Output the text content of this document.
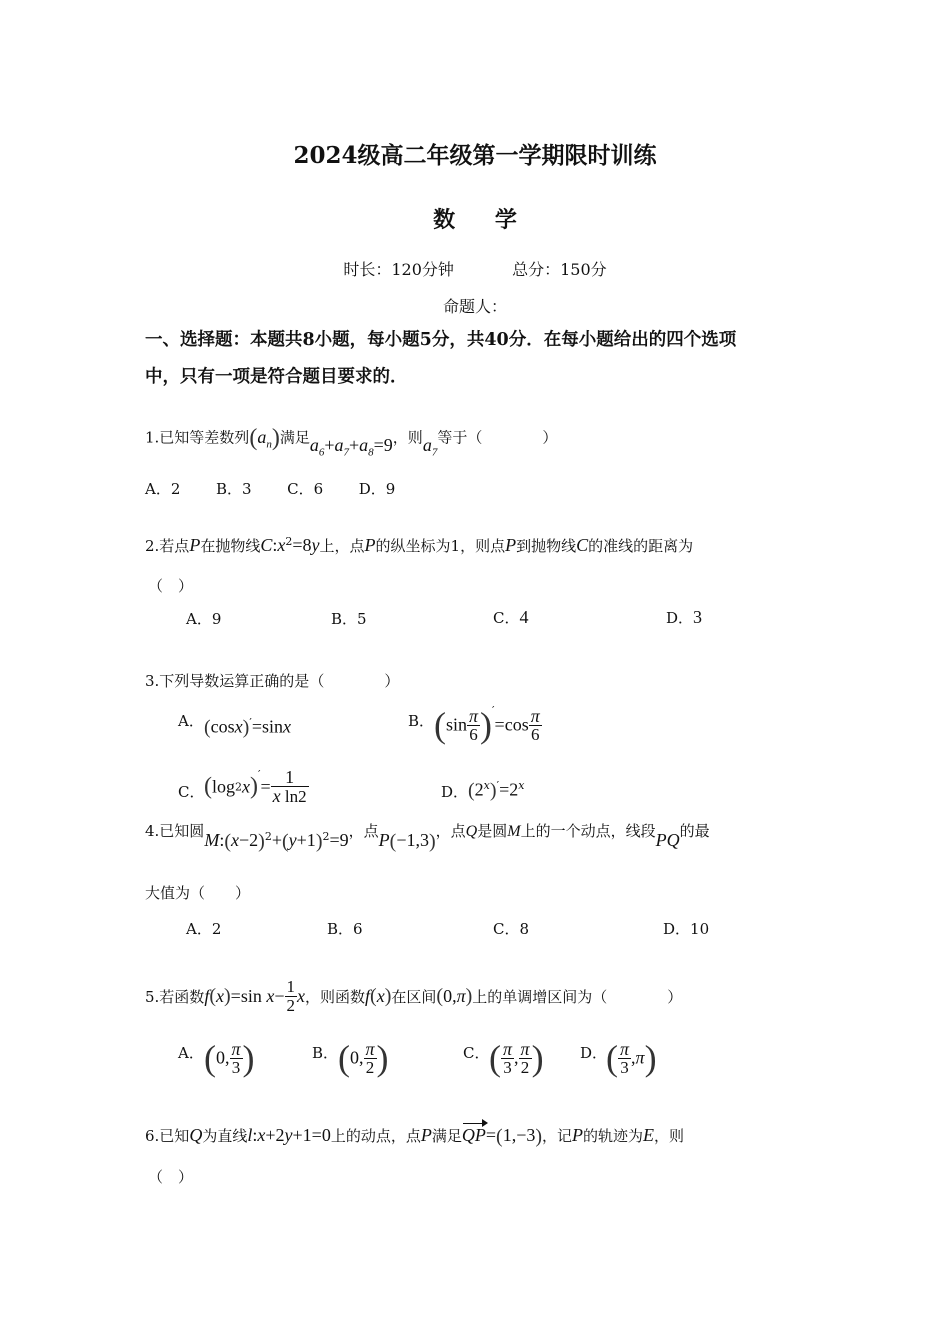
2024级高二年级第一学期限时训练
数 学
时长：120分钟	总分：150分
命题人：
一、选择题：本题共8小题，每小题5分，共40分．在每小题给出的四个选项
中，只有一项是符合题目要求的．
1.已知等差数列$(a_n)$满足$a_6+a_7+a_8=9$，则$a_7$等于（　　　　）
A．2 B．3 C．6 D．9
2.若点P在抛物线$C:x^2=8y$上，点P的纵坐标为1，则点P到抛物线C的准线的距离为
（　）
A．9	B．5	C．4	D．3
3.下列导数运算正确的是（　　　　）
A． (cosx)′=sinx	B． $(\sin \frac{\pi}{6} )'=\cos \frac{\pi}{6}$
C． $(\log 2x)'= \frac{1}{\text{x ln2}}$	D． $(2^x)'=2^x$
4.已知圆$M:(x-2)^2+(y+1)^2=9$，点P(−1,3)，点Q是圆M上的一个动点，线段PQ的最
大值为（　　）
A．2	B．6	C．8	D．10
5.若函数f(x)=sin $x- \frac{1}{2}$ x，则函数f(x)在区间(0,π)上的单调增区间为（　　　　）
A． (0, $\frac{\pi}{3}$ )	B． (0, $\frac{\pi}{2}$ )	C． ( $\frac{\pi}{3}$ , $\frac{\pi}{2}$ ) D．
( $\frac{\pi}{3} ,\pi$)
6.已知Q为直线l:x+2y+1=0上的动点，点P满足QP=(1,−3)，记P的轨迹为E，则
（　）
